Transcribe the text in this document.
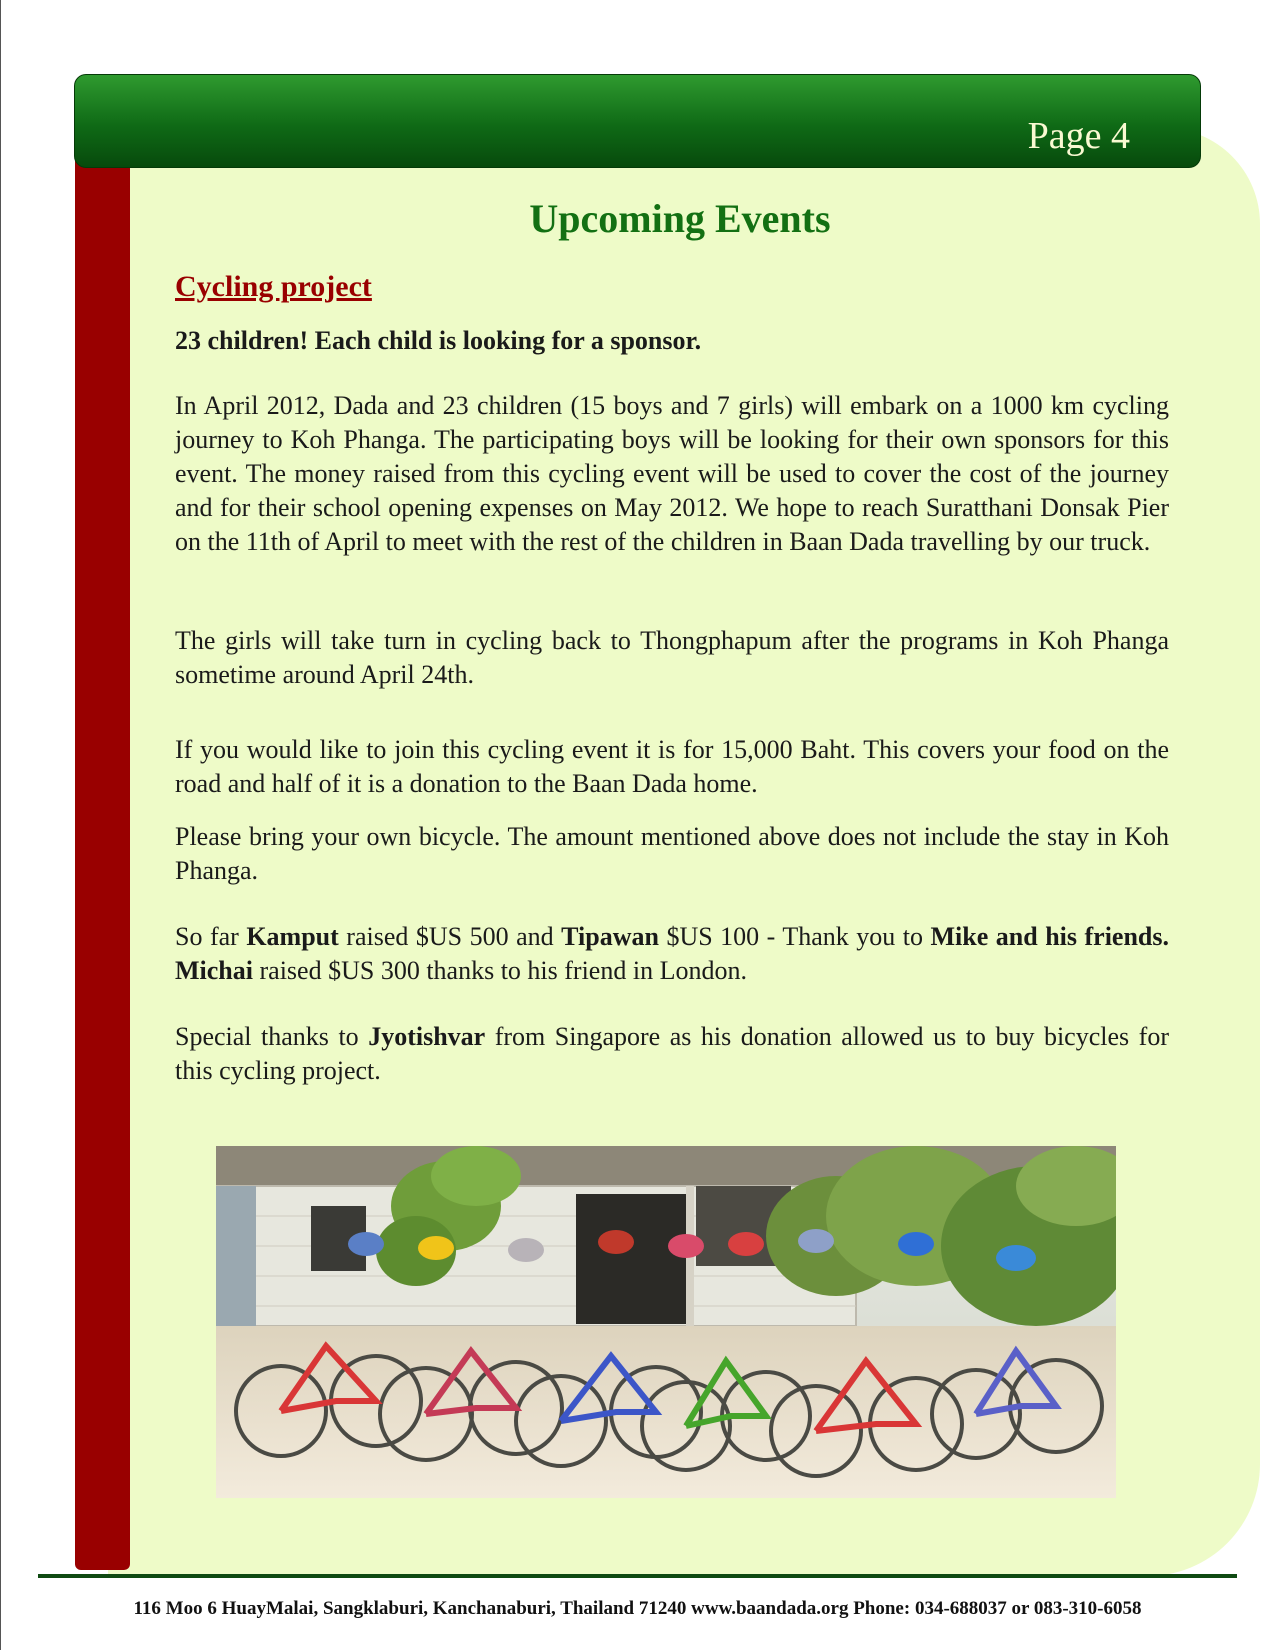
Page 4
Upcoming Events
Cycling project

23 children! Each child is looking for a sponsor.

In April 2012, Dada and 23 children (15 boys and 7 girls) will embark on a 1000 km cycling journey to Koh Phanga. The participating boys will be looking for their own sponsors for this event. The money raised from this cycling event will be used to cover the cost of the journey and for their school opening expenses on May 2012. We hope to reach Suratthani Donsak Pier on the 11th of April to meet with the rest of the children in Baan Dada travelling by our truck.

The girls will take turn in cycling back to Thongphapum after the programs in Koh Phanga sometime around April 24th.

If you would like to join this cycling event it is for 15,000 Baht. This covers your food on the road and half of it is a donation to the Baan Dada home.

Please bring your own bicycle. The amount mentioned above does not include the stay in Koh Phanga.

So far Kamput raised $US 500 and Tipawan $US 100 - Thank you to Mike and his friends. Michai raised $US 300 thanks to his friend in London.

Special thanks to Jyotishvar from Singapore as his donation allowed us to buy bicycles for this cycling project.

116 Moo 6 HuayMalai, Sangklaburi, Kanchanaburi, Thailand 71240 www.baandada.org Phone: 034-688037 or 083-310-6058
